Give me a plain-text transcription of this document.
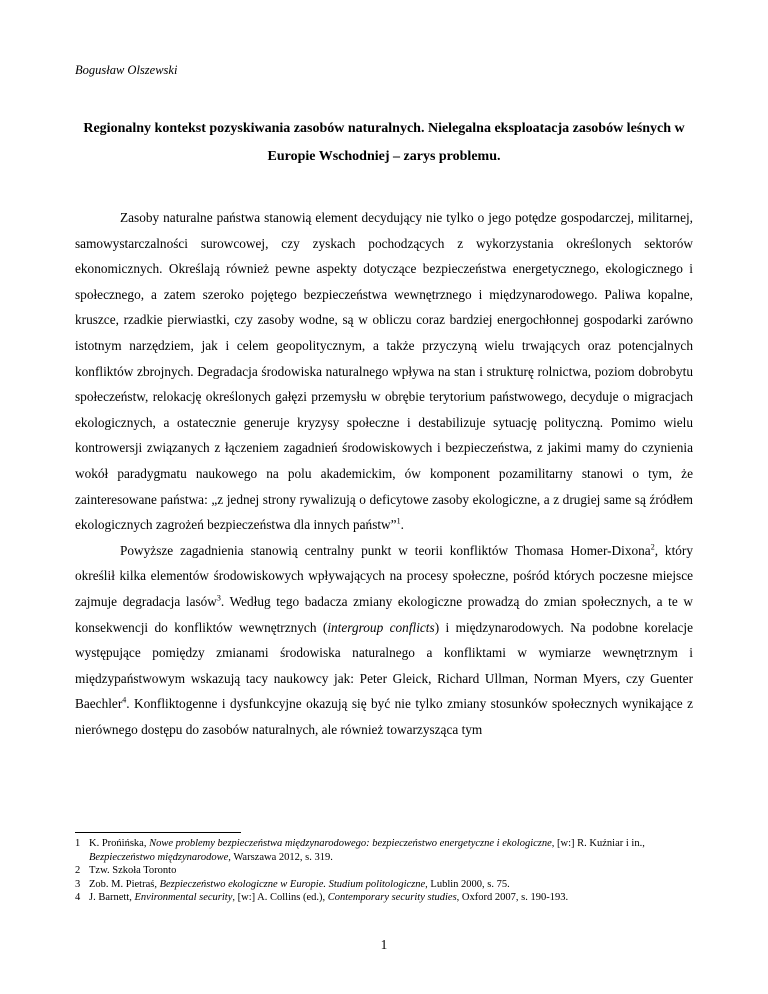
Bogusław Olszewski
Regionalny kontekst pozyskiwania zasobów naturalnych. Nielegalna eksploatacja zasobów leśnych w Europie Wschodniej – zarys problemu.

Zasoby naturalne państwa stanowią element decydujący nie tylko o jego potędze gospodarczej, militarnej, samowystarczalności surowcowej, czy zyskach pochodzących z wykorzystania określonych sektorów ekonomicznych. Określają również pewne aspekty dotyczące bezpieczeństwa energetycznego, ekologicznego i społecznego, a zatem szeroko pojętego bezpieczeństwa wewnętrznego i międzynarodowego. Paliwa kopalne, kruszce, rzadkie pierwiastki, czy zasoby wodne, są w obliczu coraz bardziej energochłonnej gospodarki zarówno istotnym narzędziem, jak i celem geopolitycznym, a także przyczyną wielu trwających oraz potencjalnych konfliktów zbrojnych. Degradacja środowiska naturalnego wpływa na stan i strukturę rolnictwa, poziom dobrobytu społeczeństw, relokację określonych gałęzi przemysłu w obrębie terytorium państwowego, decyduje o migracjach ekologicznych, a ostatecznie generuje kryzysy społeczne i destabilizuje sytuację polityczną. Pomimo wielu kontrowersji związanych z łączeniem zagadnień środowiskowych i bezpieczeństwa, z jakimi mamy do czynienia wokół paradygmatu naukowego na polu akademickim, ów komponent pozamilitarny stanowi o tym, że zainteresowane państwa: „z jednej strony rywalizują o deficytowe zasoby ekologiczne, a z drugiej same są źródłem ekologicznych zagrożeń bezpieczeństwa dla innych państw”$^1$.

Powyższe zagadnienia stanowią centralny punkt w teorii konfliktów Thomasa Homer-Dixona$^2$, który określił kilka elementów środowiskowych wpływających na procesy społeczne, pośród których poczesne miejsce zajmuje degradacja lasów$^3$. Według tego badacza zmiany ekologiczne prowadzą do zmian społecznych, a te w konsekwencji do konfliktów wewnętrznych (intergroup conflicts) i międzynarodowych. Na podobne korelacje występujące pomiędzy zmianami środowiska naturalnego a konfliktami w wymiarze wewnętrznym i międzypaństwowym wskazują tacy naukowcy jak: Peter Gleick, Richard Ullman, Norman Myers, czy Guenter Baechler$^4$. Konfliktogenne i dysfunkcyjne okazują się być nie tylko zmiany stosunków społecznych wynikające z nierównego dostępu do zasobów naturalnych, ale również towarzysząca tym

1 K. Prońińska, Nowe problemy bezpieczeństwa międzynarodowego: bezpieczeństwo energetyczne i ekologiczne, [w:] R. Kuźniar i in., Bezpieczeństwo międzynarodowe, Warszawa 2012, s. 319.
2 Tzw. Szkoła Toronto
3 Zob. M. Pietraś, Bezpieczeństwo ekologiczne w Europie. Studium politologiczne, Lublin 2000, s. 75.
4 J. Barnett, Environmental security, [w:] A. Collins (ed.), Contemporary security studies, Oxford 2007, s. 190-193.
1
